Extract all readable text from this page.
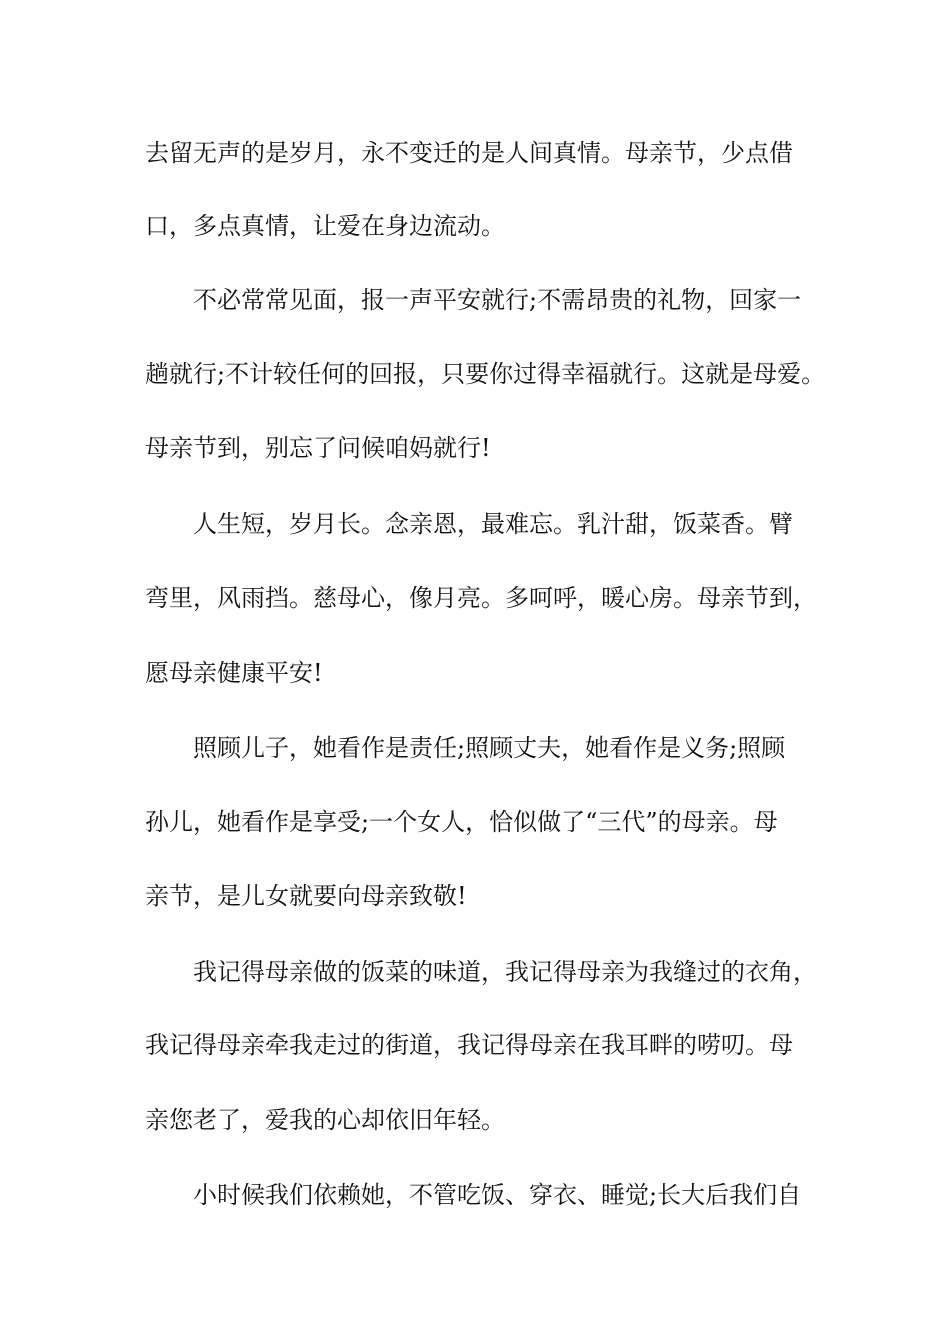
去留无声的是岁月，永不变迁的是人间真情。母亲节，少点借
口，多点真情，让爱在身边流动。
不必常常见面，报一声平安就行;不需昂贵的礼物，回家一
趟就行;不计较任何的回报，只要你过得幸福就行。这就是母爱。
母亲节到，别忘了问候咱妈就行!
人生短，岁月长。念亲恩，最难忘。乳汁甜，饭菜香。臂
弯里，风雨挡。慈母心，像月亮。多呵呼，暖心房。母亲节到，
愿母亲健康平安!
照顾儿子，她看作是责任;照顾丈夫，她看作是义务;照顾
孙儿，她看作是享受;一个女人，恰似做了“三代”的母亲。母
亲节，是儿女就要向母亲致敬!
我记得母亲做的饭菜的味道，我记得母亲为我缝过的衣角，
我记得母亲牵我走过的街道，我记得母亲在我耳畔的唠叨。母
亲您老了，爱我的心却依旧年轻。
小时候我们依赖她，不管吃饭、穿衣、睡觉;长大后我们自
